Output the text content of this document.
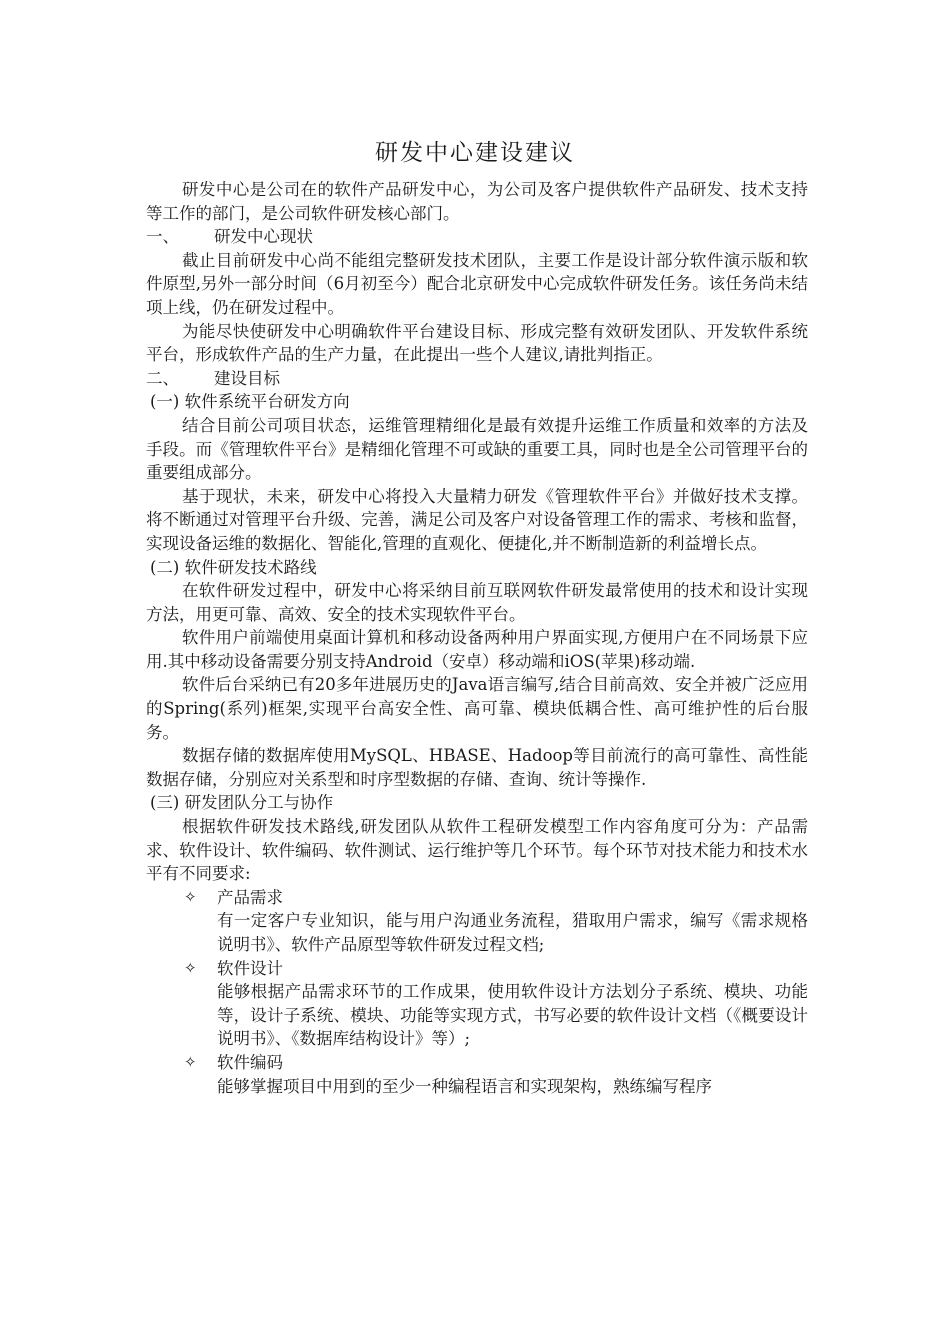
研发中心建设建议

研发中心是公司在的软件产品研发中心，为公司及客户提供软件产品研发、技术支持等工作的部门，是公司软件研发核心部门。

一、	研发中心现状

截止目前研发中心尚不能组完整研发技术团队，主要工作是设计部分软件演示版和软件原型,另外一部分时间（6月初至今）配合北京研发中心完成软件研发任务。该任务尚未结项上线，仍在研发过程中。

为能尽快使研发中心明确软件平台建设目标、形成完整有效研发团队、开发软件系统平台，形成软件产品的生产力量，在此提出一些个人建议,请批判指正。

二、	建设目标
(一) 软件系统平台研发方向

结合目前公司项目状态，运维管理精细化是最有效提升运维工作质量和效率的方法及手段。而《管理软件平台》是精细化管理不可或缺的重要工具，同时也是全公司管理平台的重要组成部分。

基于现状，未来，研发中心将投入大量精力研发《管理软件平台》并做好技术支撑。将不断通过对管理平台升级、完善，满足公司及客户对设备管理工作的需求、考核和监督，实现设备运维的数据化、智能化,管理的直观化、便捷化,并不断制造新的利益增长点。

(二) 软件研发技术路线

在软件研发过程中，研发中心将采纳目前互联网软件研发最常使用的技术和设计实现方法，用更可靠、高效、安全的技术实现软件平台。

软件用户前端使用桌面计算机和移动设备两种用户界面实现,方便用户在不同场景下应用.其中移动设备需要分别支持Android（安卓）移动端和iOS(苹果)移动端.

软件后台采纳已有20多年进展历史的Java语言编写,结合目前高效、安全并被广泛应用的Spring(系列)框架,实现平台高安全性、高可靠、模块低耦合性、高可维护性的后台服务。

数据存储的数据库使用MySQL、HBASE、Hadoop等目前流行的高可靠性、高性能数据存储，分别应对关系型和时序型数据的存储、查询、统计等操作.

(三) 研发团队分工与协作

根据软件研发技术路线,研发团队从软件工程研发模型工作内容角度可分为：产品需求、软件设计、软件编码、软件测试、运行维护等几个环节。每个环节对技术能力和技术水平有不同要求:

✧	产品需求

有一定客户专业知识，能与用户沟通业务流程，猎取用户需求，编写《需求规格说明书》、软件产品原型等软件研发过程文档;

✧	软件设计

能够根据产品需求环节的工作成果，使用软件设计方法划分子系统、模块、功能等，设计子系统、模块、功能等实现方式，书写必要的软件设计文档（《概要设计说明书》、《数据库结构设计》等）;

✧	软件编码

能够掌握项目中用到的至少一种编程语言和实现架构，熟练编写程序
